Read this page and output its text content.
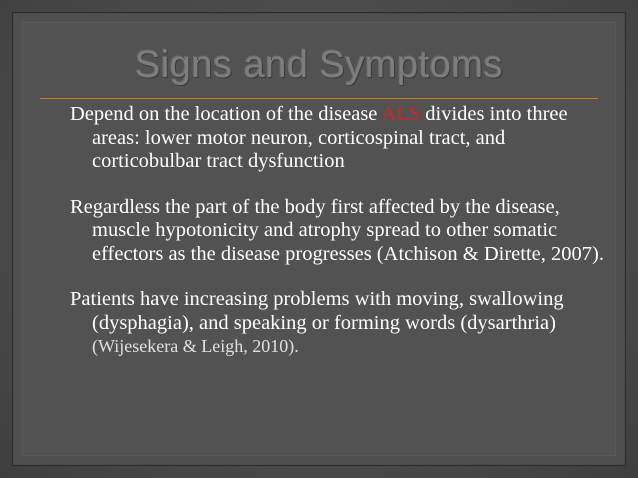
Signs and Symptoms

Depend on the location of the disease ALS divides into three areas: lower motor neuron, corticospinal tract, and corticobulbar tract dysfunction

Regardless the part of the body first affected by the disease, muscle hypotonicity and atrophy spread to other somatic effectors as the disease progresses (Atchison & Dirette, 2007).

Patients have increasing problems with moving, swallowing (dysphagia), and speaking or forming words (dysarthria) (Wijesekera & Leigh, 2010).
